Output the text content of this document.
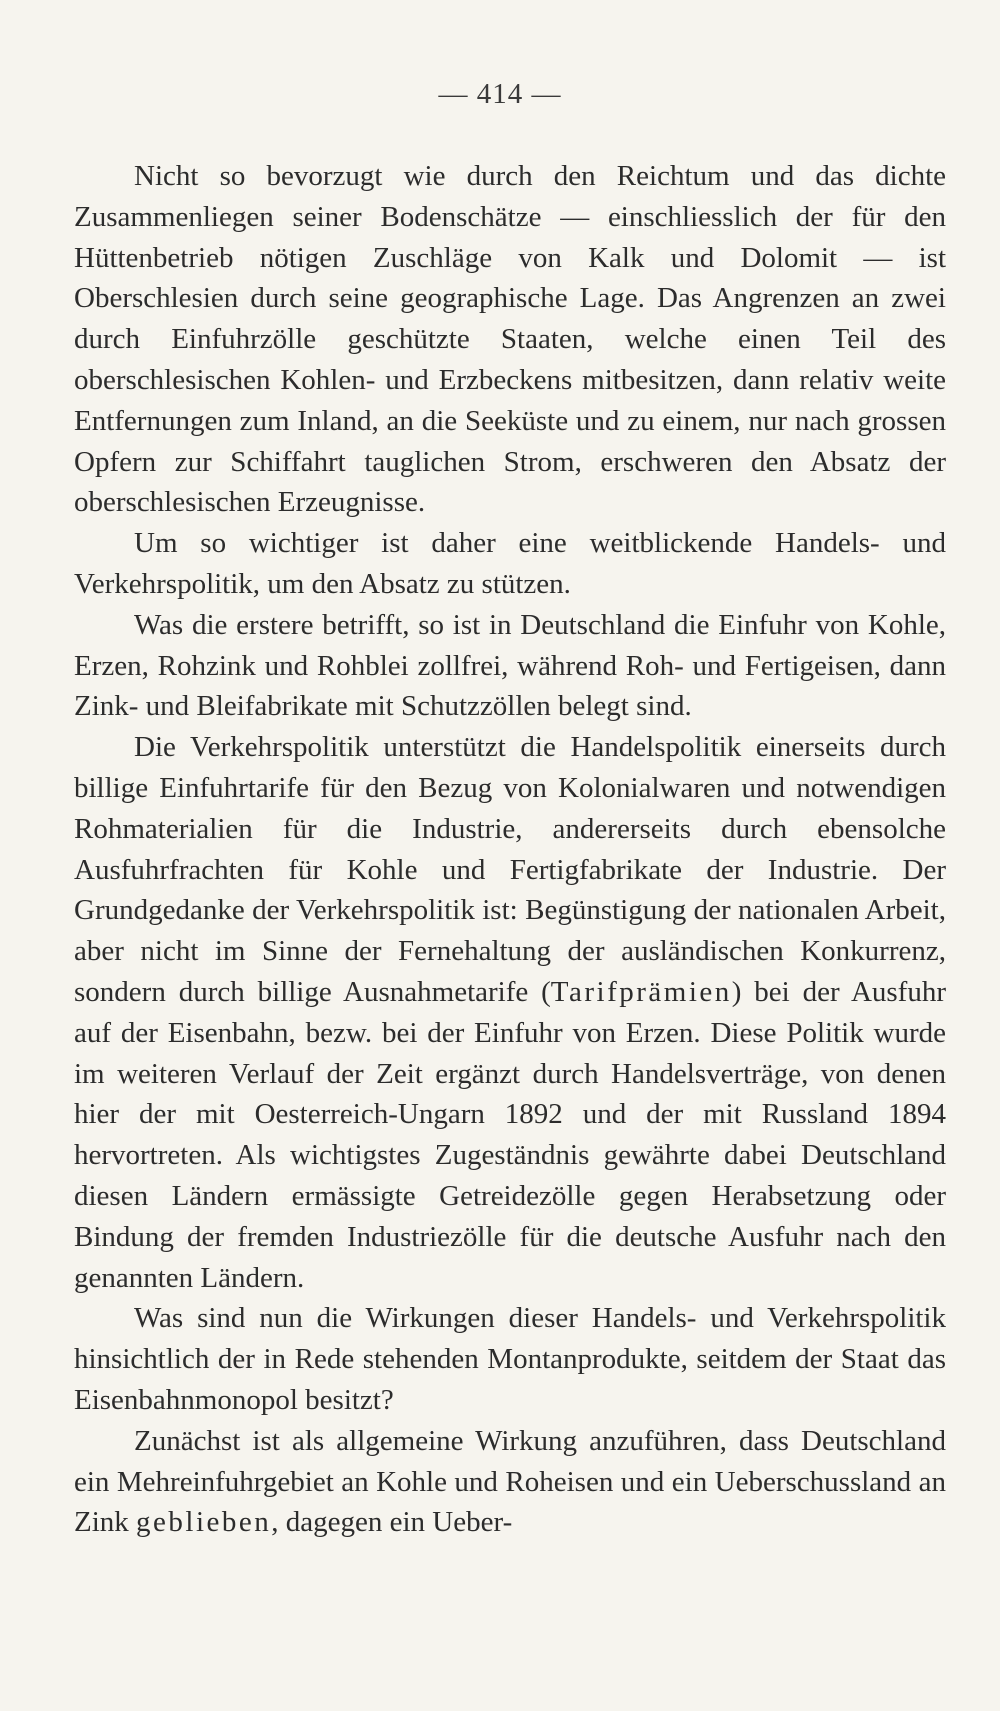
— 414 —

Nicht so bevorzugt wie durch den Reichtum und das dichte Zusammenliegen seiner Bodenschätze — einschliesslich der für den Hüttenbetrieb nötigen Zuschläge von Kalk und Dolomit — ist Oberschlesien durch seine geographische Lage. Das Angrenzen an zwei durch Einfuhrzölle geschützte Staaten, welche einen Teil des oberschlesischen Kohlen- und Erzbeckens mitbesitzen, dann relativ weite Entfernungen zum Inland, an die Seeküste und zu einem, nur nach grossen Opfern zur Schiffahrt tauglichen Strom, erschweren den Absatz der oberschlesischen Erzeugnisse.

Um so wichtiger ist daher eine weitblickende Handels- und Verkehrspolitik, um den Absatz zu stützen.

Was die erstere betrifft, so ist in Deutschland die Einfuhr von Kohle, Erzen, Rohzink und Rohblei zollfrei, während Roh- und Fertigeisen, dann Zink- und Bleifabrikate mit Schutzzöllen belegt sind.

Die Verkehrspolitik unterstützt die Handelspolitik einerseits durch billige Einfuhrtarife für den Bezug von Kolonialwaren und notwendigen Rohmaterialien für die Industrie, andererseits durch ebensolche Ausfuhrfrachten für Kohle und Fertigfabrikate der Industrie. Der Grundgedanke der Verkehrspolitik ist: Begünstigung der nationalen Arbeit, aber nicht im Sinne der Fernehaltung der ausländischen Konkurrenz, sondern durch billige Ausnahmetarife (Tarifprämien) bei der Ausfuhr auf der Eisenbahn, bezw. bei der Einfuhr von Erzen. Diese Politik wurde im weiteren Verlauf der Zeit ergänzt durch Handelsverträge, von denen hier der mit Oesterreich-Ungarn 1892 und der mit Russland 1894 hervortreten. Als wichtigstes Zugeständnis gewährte dabei Deutschland diesen Ländern ermässigte Getreidezölle gegen Herabsetzung oder Bindung der fremden Industriezölle für die deutsche Ausfuhr nach den genannten Ländern.

Was sind nun die Wirkungen dieser Handels- und Verkehrspolitik hinsichtlich der in Rede stehenden Montanprodukte, seitdem der Staat das Eisenbahnmonopol besitzt?

Zunächst ist als allgemeine Wirkung anzuführen, dass Deutschland ein Mehreinfuhrgebiet an Kohle und Roheisen und ein Ueberschussland an Zink geblieben, dagegen ein Ueber-
